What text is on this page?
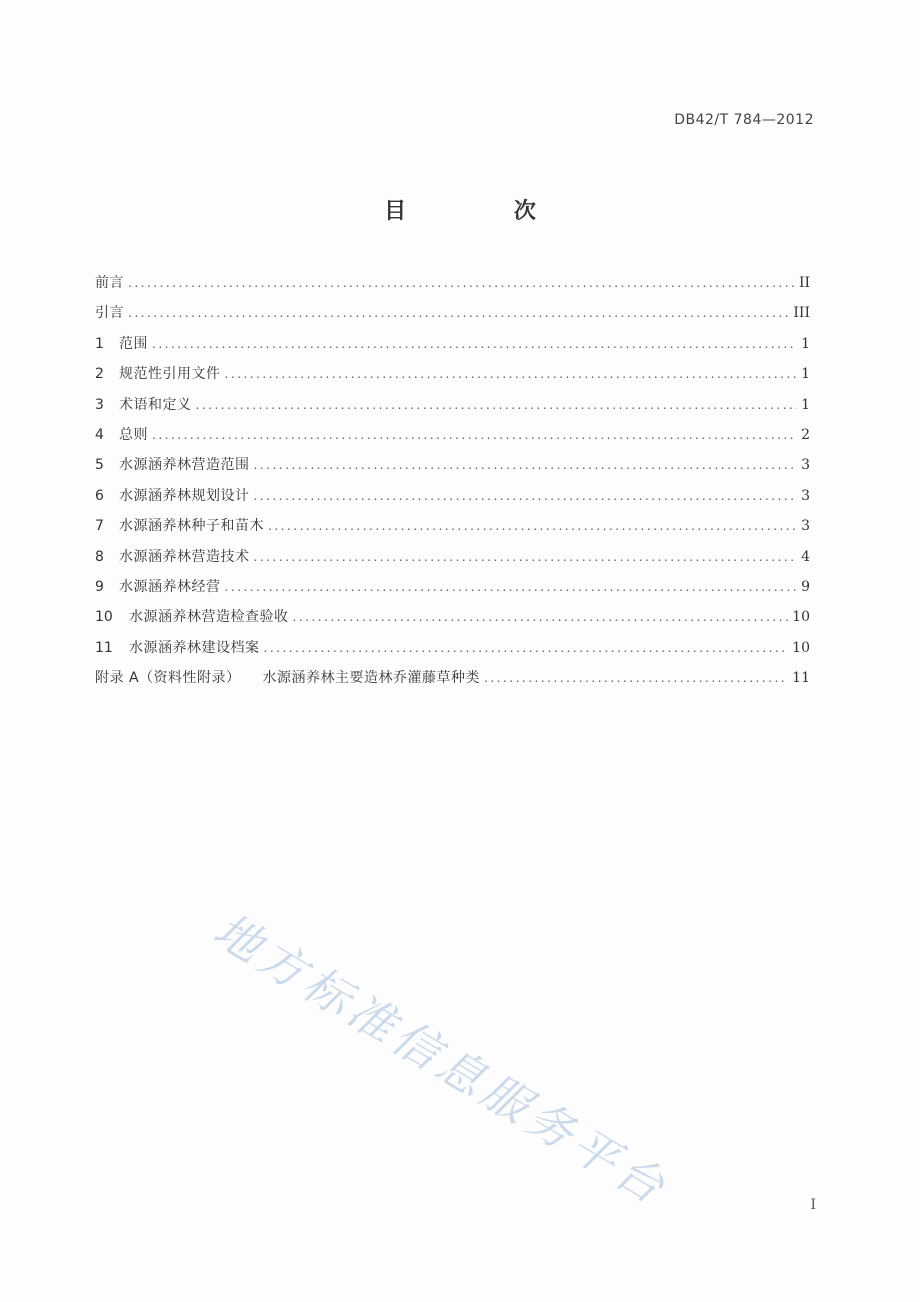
DB42/T 784—2012
目 次
前言 .....	II
引言 .....	III
1	范围 .....	1
2	规范性引用文件 .....	1
3	术语和定义 .....	1
4	总则 .....	2
5	水源涵养林营造范围 .....	3
6	水源涵养林规划设计 .....	3
7	水源涵养林种子和苗木 .....	3
8	水源涵养林营造技术 .....	4
9	水源涵养林经营 .....	9
10	水源涵养林营造检查验收 .....	10
11	水源涵养林建设档案 .....	10
附录 A（资料性附录） 水源涵养林主要造林乔灌藤草种类 .....	11
地方标准信息服务平台	I
